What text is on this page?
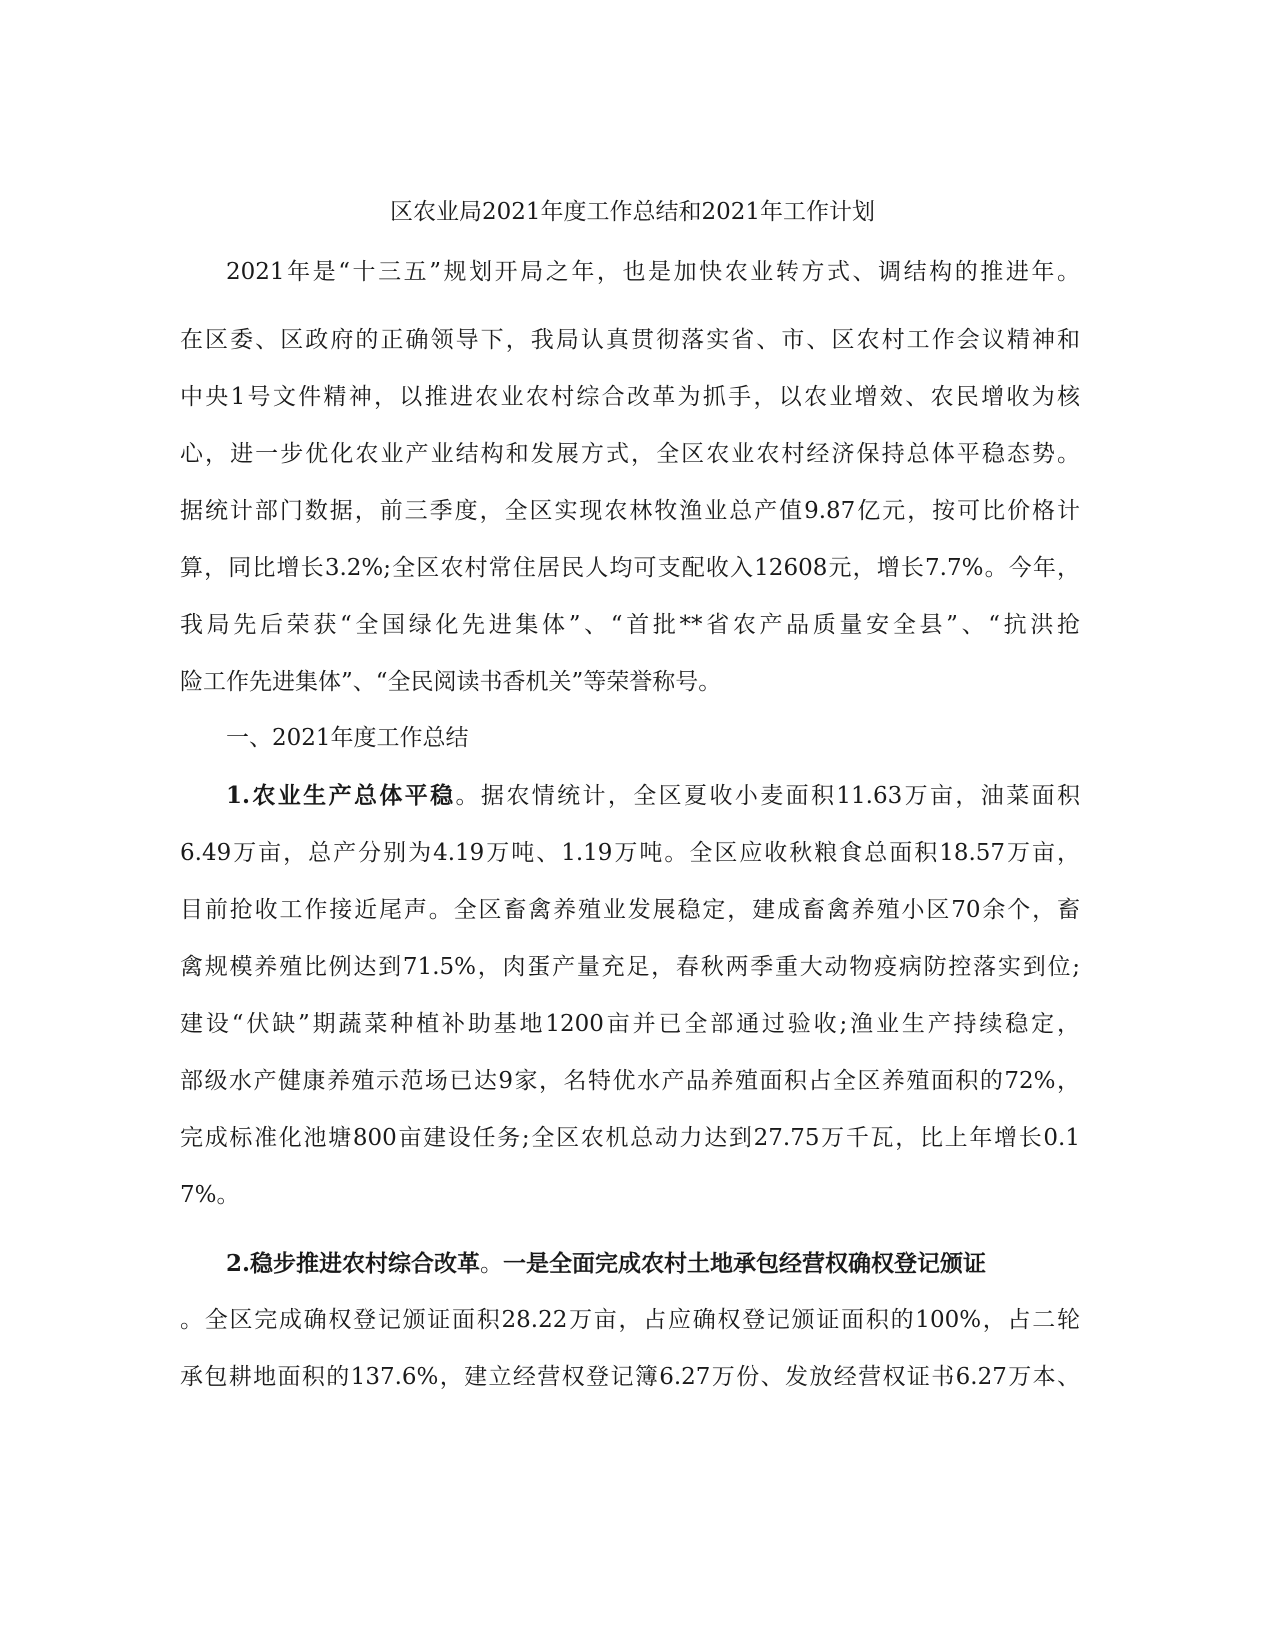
区农业局2021年度工作总结和2021年工作计划
2021年是“十三五”规划开局之年，也是加快农业转方式、调结构的推进年。
在区委、区政府的正确领导下，我局认真贯彻落实省、市、区农村工作会议精神和
中央1号文件精神，以推进农业农村综合改革为抓手，以农业增效、农民增收为核
心，进一步优化农业产业结构和发展方式，全区农业农村经济保持总体平稳态势。
据统计部门数据，前三季度，全区实现农林牧渔业总产值9.87亿元，按可比价格计
算，同比增长3.2%;全区农村常住居民人均可支配收入12608元，增长7.7%。今年，
我局先后荣获“全国绿化先进集体”、“首批**省农产品质量安全县”、“抗洪抢
险工作先进集体”、“全民阅读书香机关”等荣誉称号。
一、2021年度工作总结
1.农业生产总体平稳。据农情统计，全区夏收小麦面积11.63万亩，油菜面积
6.49万亩，总产分别为4.19万吨、1.19万吨。全区应收秋粮食总面积18.57万亩，
目前抢收工作接近尾声。全区畜禽养殖业发展稳定，建成畜禽养殖小区70余个，畜
禽规模养殖比例达到71.5%，肉蛋产量充足，春秋两季重大动物疫病防控落实到位;
建设“伏缺”期蔬菜种植补助基地1200亩并已全部通过验收;渔业生产持续稳定，
部级水产健康养殖示范场已达9家，名特优水产品养殖面积占全区养殖面积的72%，
完成标准化池塘800亩建设任务;全区农机总动力达到27.75万千瓦，比上年增长0.1
7%。
2.稳步推进农村综合改革。一是全面完成农村土地承包经营权确权登记颁证
。全区完成确权登记颁证面积28.22万亩，占应确权登记颁证面积的100%，占二轮
承包耕地面积的137.6%，建立经营权登记簿6.27万份、发放经营权证书6.27万本、
